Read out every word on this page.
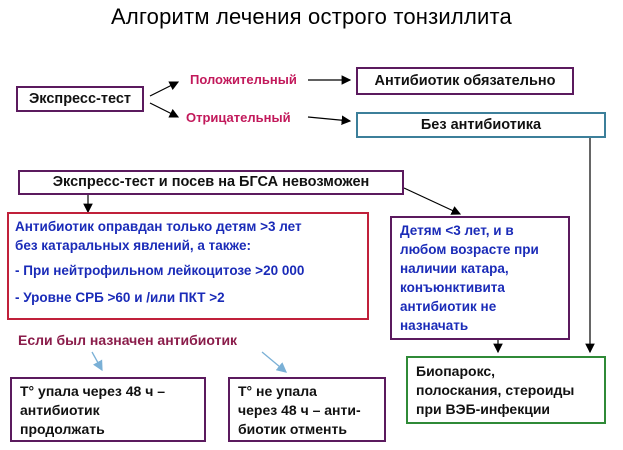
Алгоритм лечения острого тонзиллита
Экспресс-тест
Положительный
Отрицательный
Антибиотик обязательно
Без антибиотика
Экспресс-тест и посев на БГСА невозможен
Антибиотик оправдан только детям >3 лет
без катаральных явлений, а также:
- При нейтрофильном лейкоцитозе >20 000
- Уровне СРБ >60 и /или ПКТ >2
Детям <3 лет, и в
любом возрасте при
наличии катара,
конъюнктивита
антибиотик не
назначать
Если был назначен антибиотик
Т° упала через 48 ч –
антибиотик
продолжать
Т° не упала
через 48 ч – анти-
биотик отменть
Биопарокс,
полоскания, стероиды
при ВЭБ-инфекции
